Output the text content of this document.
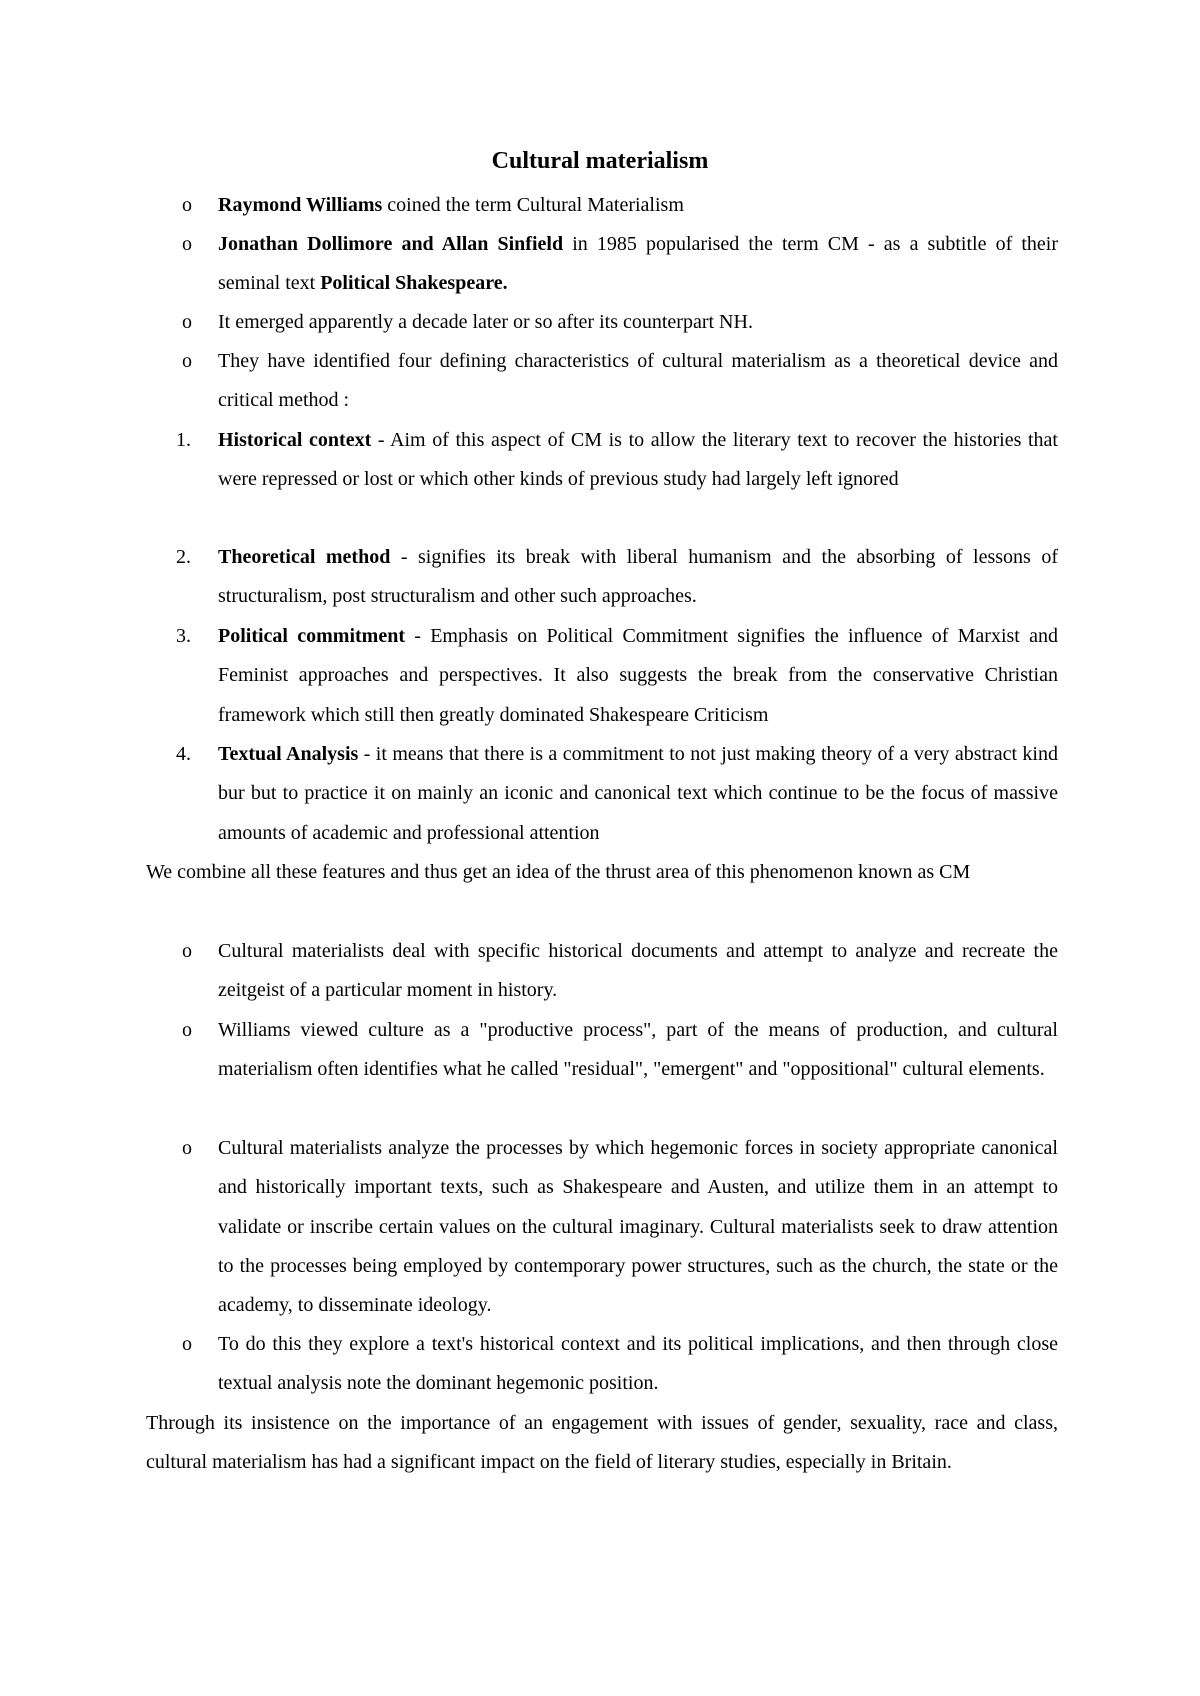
Cultural materialism
o	Raymond Williams coined the term Cultural Materialism
o	Jonathan Dollimore and Allan Sinfield in 1985 popularised the term CM - as a subtitle of their seminal text Political Shakespeare.
o	It emerged apparently a decade later or so after its counterpart NH.
o	They have identified four defining characteristics of cultural materialism as a theoretical device and critical method :
1.	Historical context - Aim of this aspect of CM is to allow the literary text to recover the histories that were repressed or lost or which other kinds of previous study had largely left ignored
2.	Theoretical method - signifies its break with liberal humanism and the absorbing of lessons of structuralism, post structuralism and other such approaches.
3.	Political commitment - Emphasis on Political Commitment signifies the influence of Marxist and Feminist approaches and perspectives. It also suggests the break from the conservative Christian framework which still then greatly dominated Shakespeare Criticism
4.	Textual Analysis - it means that there is a commitment to not just making theory of a very abstract kind bur but to practice it on mainly an iconic and canonical text which continue to be the focus of massive amounts of academic and professional attention
We combine all these features and thus get an idea of the thrust area of this phenomenon known as CM
o	Cultural materialists deal with specific historical documents and attempt to analyze and recreate the zeitgeist of a particular moment in history.
o	Williams viewed culture as a "productive process", part of the means of production, and cultural materialism often identifies what he called "residual", "emergent" and "oppositional" cultural elements.
o	Cultural materialists analyze the processes by which hegemonic forces in society appropriate canonical and historically important texts, such as Shakespeare and Austen, and utilize them in an attempt to validate or inscribe certain values on the cultural imaginary. Cultural materialists seek to draw attention to the processes being employed by contemporary power structures, such as the church, the state or the academy, to disseminate ideology.
o	To do this they explore a text's historical context and its political implications, and then through close textual analysis note the dominant hegemonic position.
Through its insistence on the importance of an engagement with issues of gender, sexuality, race and class, cultural materialism has had a significant impact on the field of literary studies, especially in Britain.
